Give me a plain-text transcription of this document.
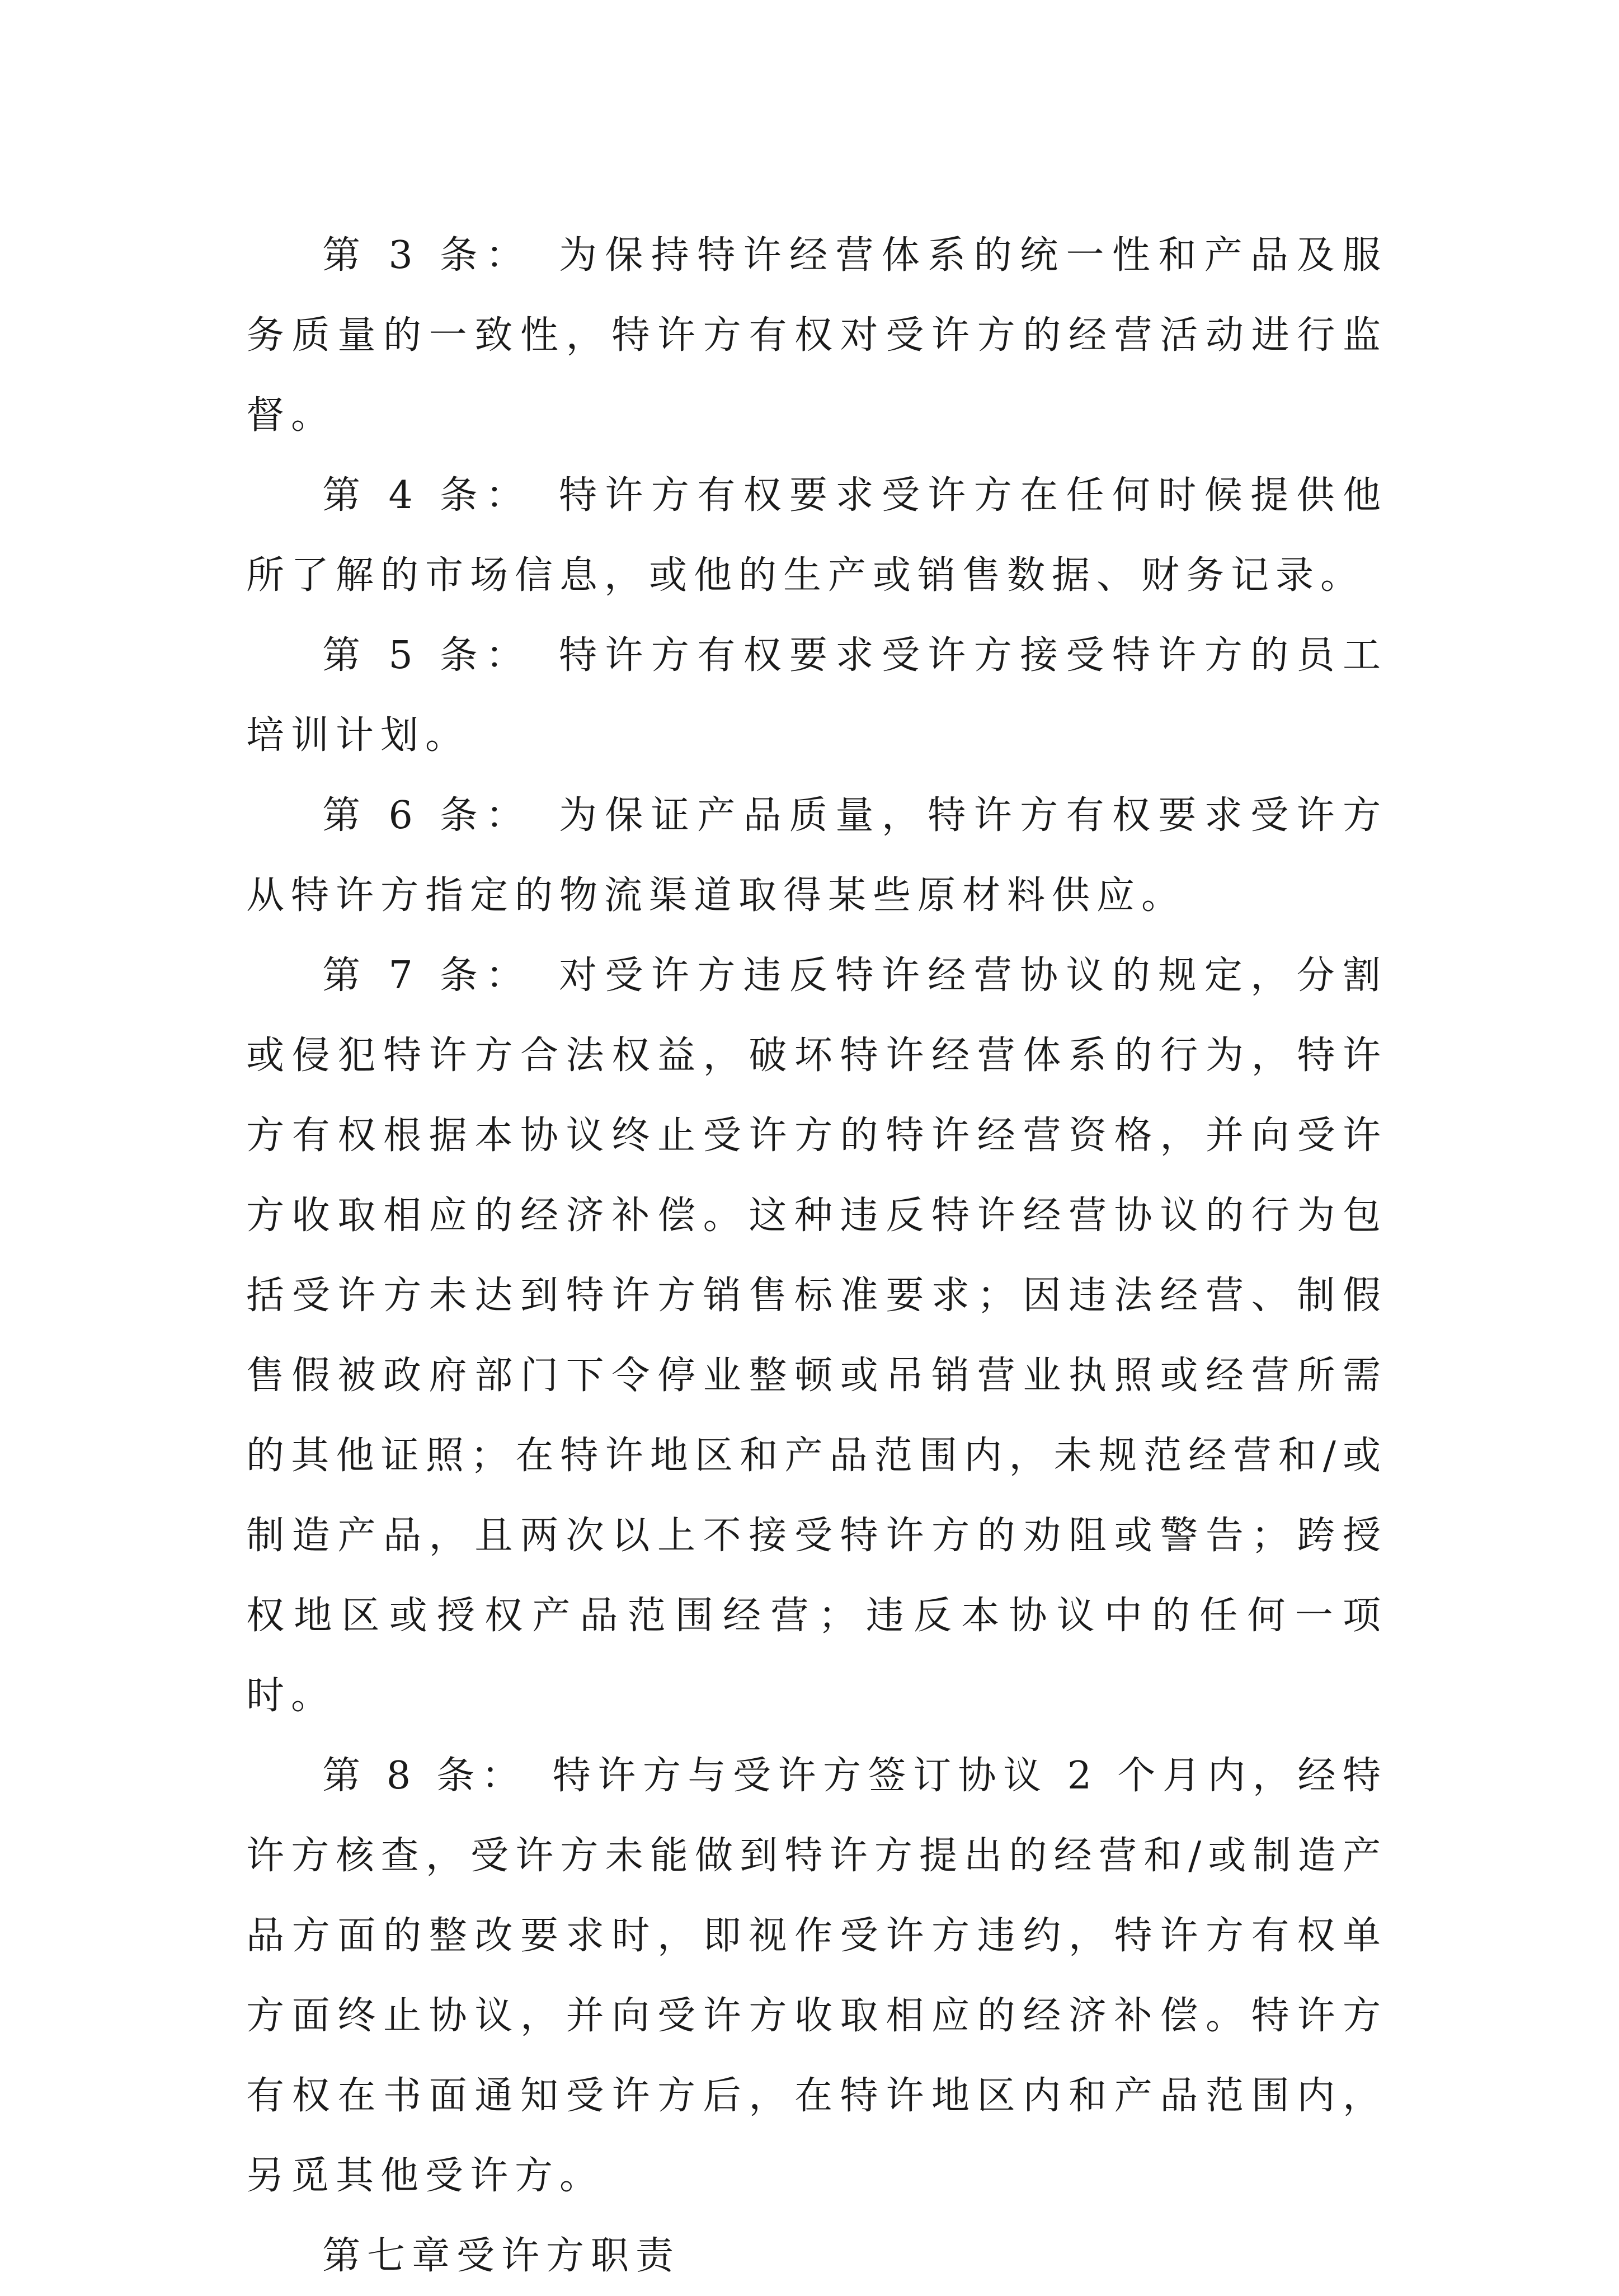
第 3 条：　为保持特许经营体系的统一性和产品及服务质量的一致性，特许方有权对受许方的经营活动进行监督。

第 4 条：　特许方有权要求受许方在任何时候提供他所了解的市场信息，或他的生产或销售数据、财务记录。

第 5 条：　特许方有权要求受许方接受特许方的员工培训计划。

第 6 条：　为保证产品质量，特许方有权要求受许方从特许方指定的物流渠道取得某些原材料供应。

第 7 条：　对受许方违反特许经营协议的规定，分割或侵犯特许方合法权益，破坏特许经营体系的行为，特许方有权根据本协议终止受许方的特许经营资格，并向受许方收取相应的经济补偿。这种违反特许经营协议的行为包括受许方未达到特许方销售标准要求；因违法经营、制假售假被政府部门下令停业整顿或吊销营业执照或经营所需的其他证照；在特许地区和产品范围内，未规范经营和/或制造产品，且两次以上不接受特许方的劝阻或警告；跨授权地区或授权产品范围经营；违反本协议中的任何一项时。

第 8 条：　特许方与受许方签订协议 2 个月内，经特许方核查，受许方未能做到特许方提出的经营和/或制造产品方面的整改要求时，即视作受许方违约，特许方有权单方面终止协议，并向受许方收取相应的经济补偿。特许方有权在书面通知受许方后，在特许地区内和产品范围内，另觅其他受许方。

第七章受许方职责
